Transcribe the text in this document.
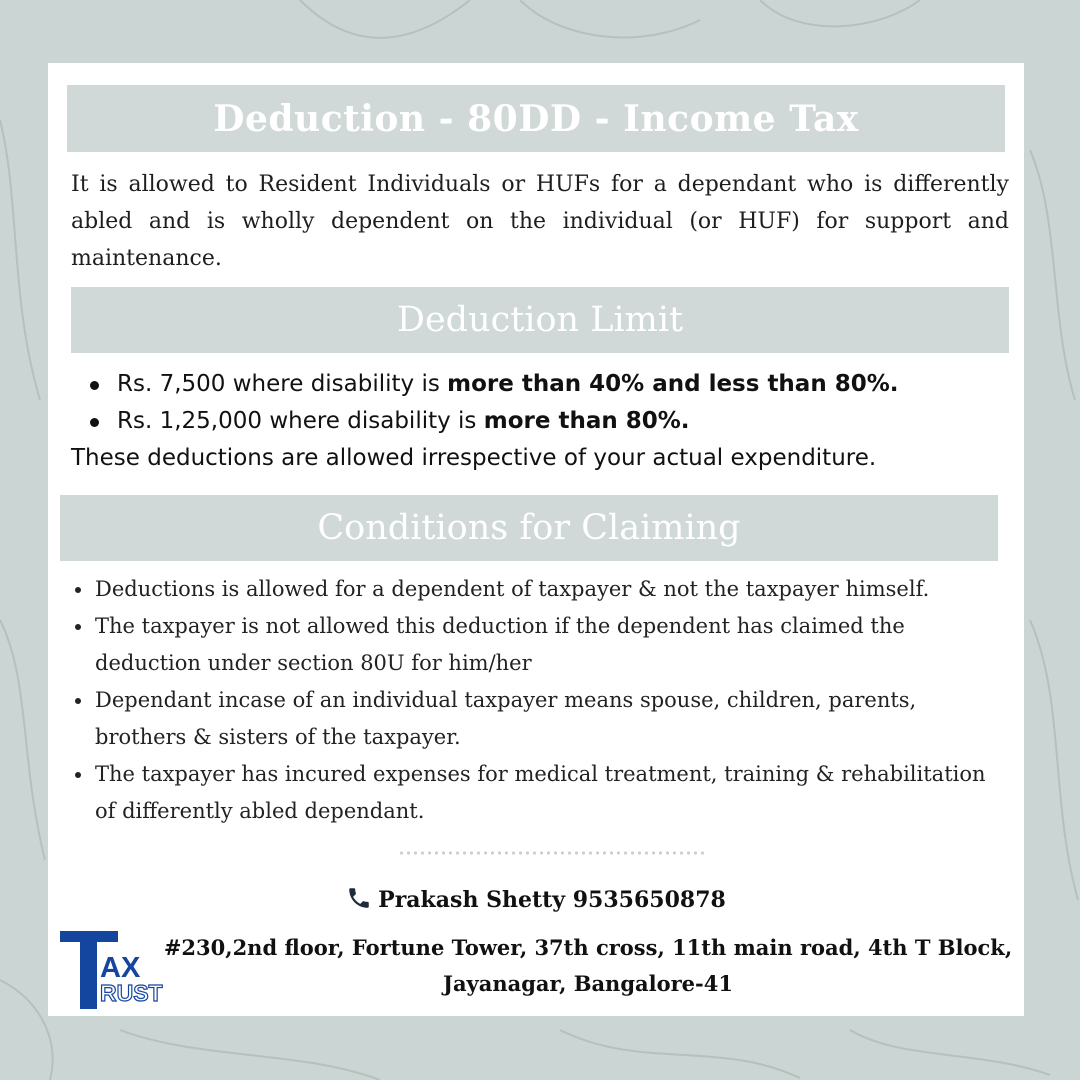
Deduction - 80DD - Income Tax
It is allowed to Resident Individuals or HUFs for a dependant who is differently abled and is wholly dependent on the individual (or HUF) for support and maintenance.
Deduction Limit
Rs. 7,500 where disability is more than 40% and less than 80%.
Rs. 1,25,000 where disability is more than 80%.
These deductions are allowed irrespective of your actual expenditure.
Conditions for Claiming
Deductions is allowed for a dependent of taxpayer & not the taxpayer himself.
The taxpayer is not allowed this deduction if the dependent has claimed the deduction under section 80U for him/her
Dependant incase of an individual taxpayer means spouse, children, parents, brothers & sisters of the taxpayer.
The taxpayer has incured expenses for medical treatment, training & rehabilitation of differently abled dependant.
Prakash Shetty 9535650878
#230,2nd floor, Fortune Tower, 37th cross, 11th main road, 4th T Block,
Jayanagar, Bangalore-41
AX
RUST
